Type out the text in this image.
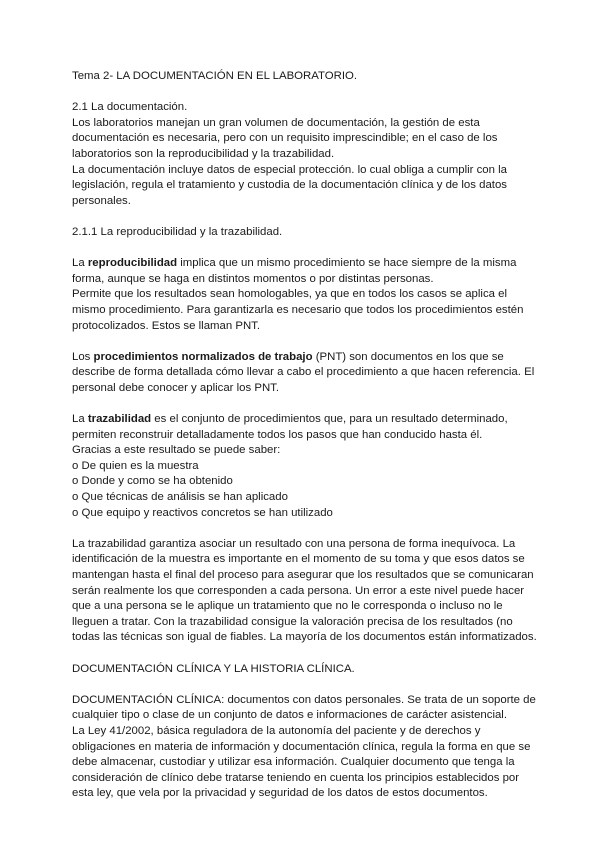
Tema 2- LA DOCUMENTACIÓN EN EL LABORATORIO.

2.1 La documentación.

Los laboratorios manejan un gran volumen de documentación, la gestión de esta documentación es necesaria, pero con un requisito imprescindible; en el caso de los laboratorios son la reproducibilidad y la trazabilidad.

La documentación incluye datos de especial protección. lo cual obliga a cumplir con la legislación, regula el tratamiento y custodia de la documentación clínica y de los datos personales.

2.1.1 La reproducibilidad y la trazabilidad.

La reproducibilidad implica que un mismo procedimiento se hace siempre de la misma forma, aunque se haga en distintos momentos o por distintas personas.

Permite que los resultados sean homologables, ya que en todos los casos se aplica el mismo procedimiento. Para garantizarla es necesario que todos los procedimientos estén protocolizados. Estos se llaman PNT.

Los procedimientos normalizados de trabajo (PNT) son documentos en los que se describe de forma detallada cómo llevar a cabo el procedimiento a que hacen referencia. El personal debe conocer y aplicar los PNT.

La trazabilidad es el conjunto de procedimientos que, para un resultado determinado, permiten reconstruir detalladamente todos los pasos que han conducido hasta él.

Gracias a este resultado se puede saber:

o De quien es la muestra

o Donde y como se ha obtenido

o Que técnicas de análisis se han aplicado

o Que equipo y reactivos concretos se han utilizado

La trazabilidad garantiza asociar un resultado con una persona de forma inequívoca. La identificación de la muestra es importante en el momento de su toma y que esos datos se mantengan hasta el final del proceso para asegurar que los resultados que se comunicaran serán realmente los que corresponden a cada persona. Un error a este nivel puede hacer que a una persona se le aplique un tratamiento que no le corresponda o incluso no le lleguen a tratar. Con la trazabilidad consigue la valoración precisa de los resultados (no todas las técnicas son igual de fiables. La mayoría de los documentos están informatizados.

DOCUMENTACIÓN CLÍNICA Y LA HISTORIA CLÍNICA.

DOCUMENTACIÓN CLÍNICA: documentos con datos personales. Se trata de un soporte de cualquier tipo o clase de un conjunto de datos e informaciones de carácter asistencial.

La Ley 41/2002, básica reguladora de la autonomía del paciente y de derechos y obligaciones en materia de información y documentación clínica, regula la forma en que se debe almacenar, custodiar y utilizar esa información. Cualquier documento que tenga la consideración de clínico debe tratarse teniendo en cuenta los principios establecidos por esta ley, que vela por la privacidad y seguridad de los datos de estos documentos.
